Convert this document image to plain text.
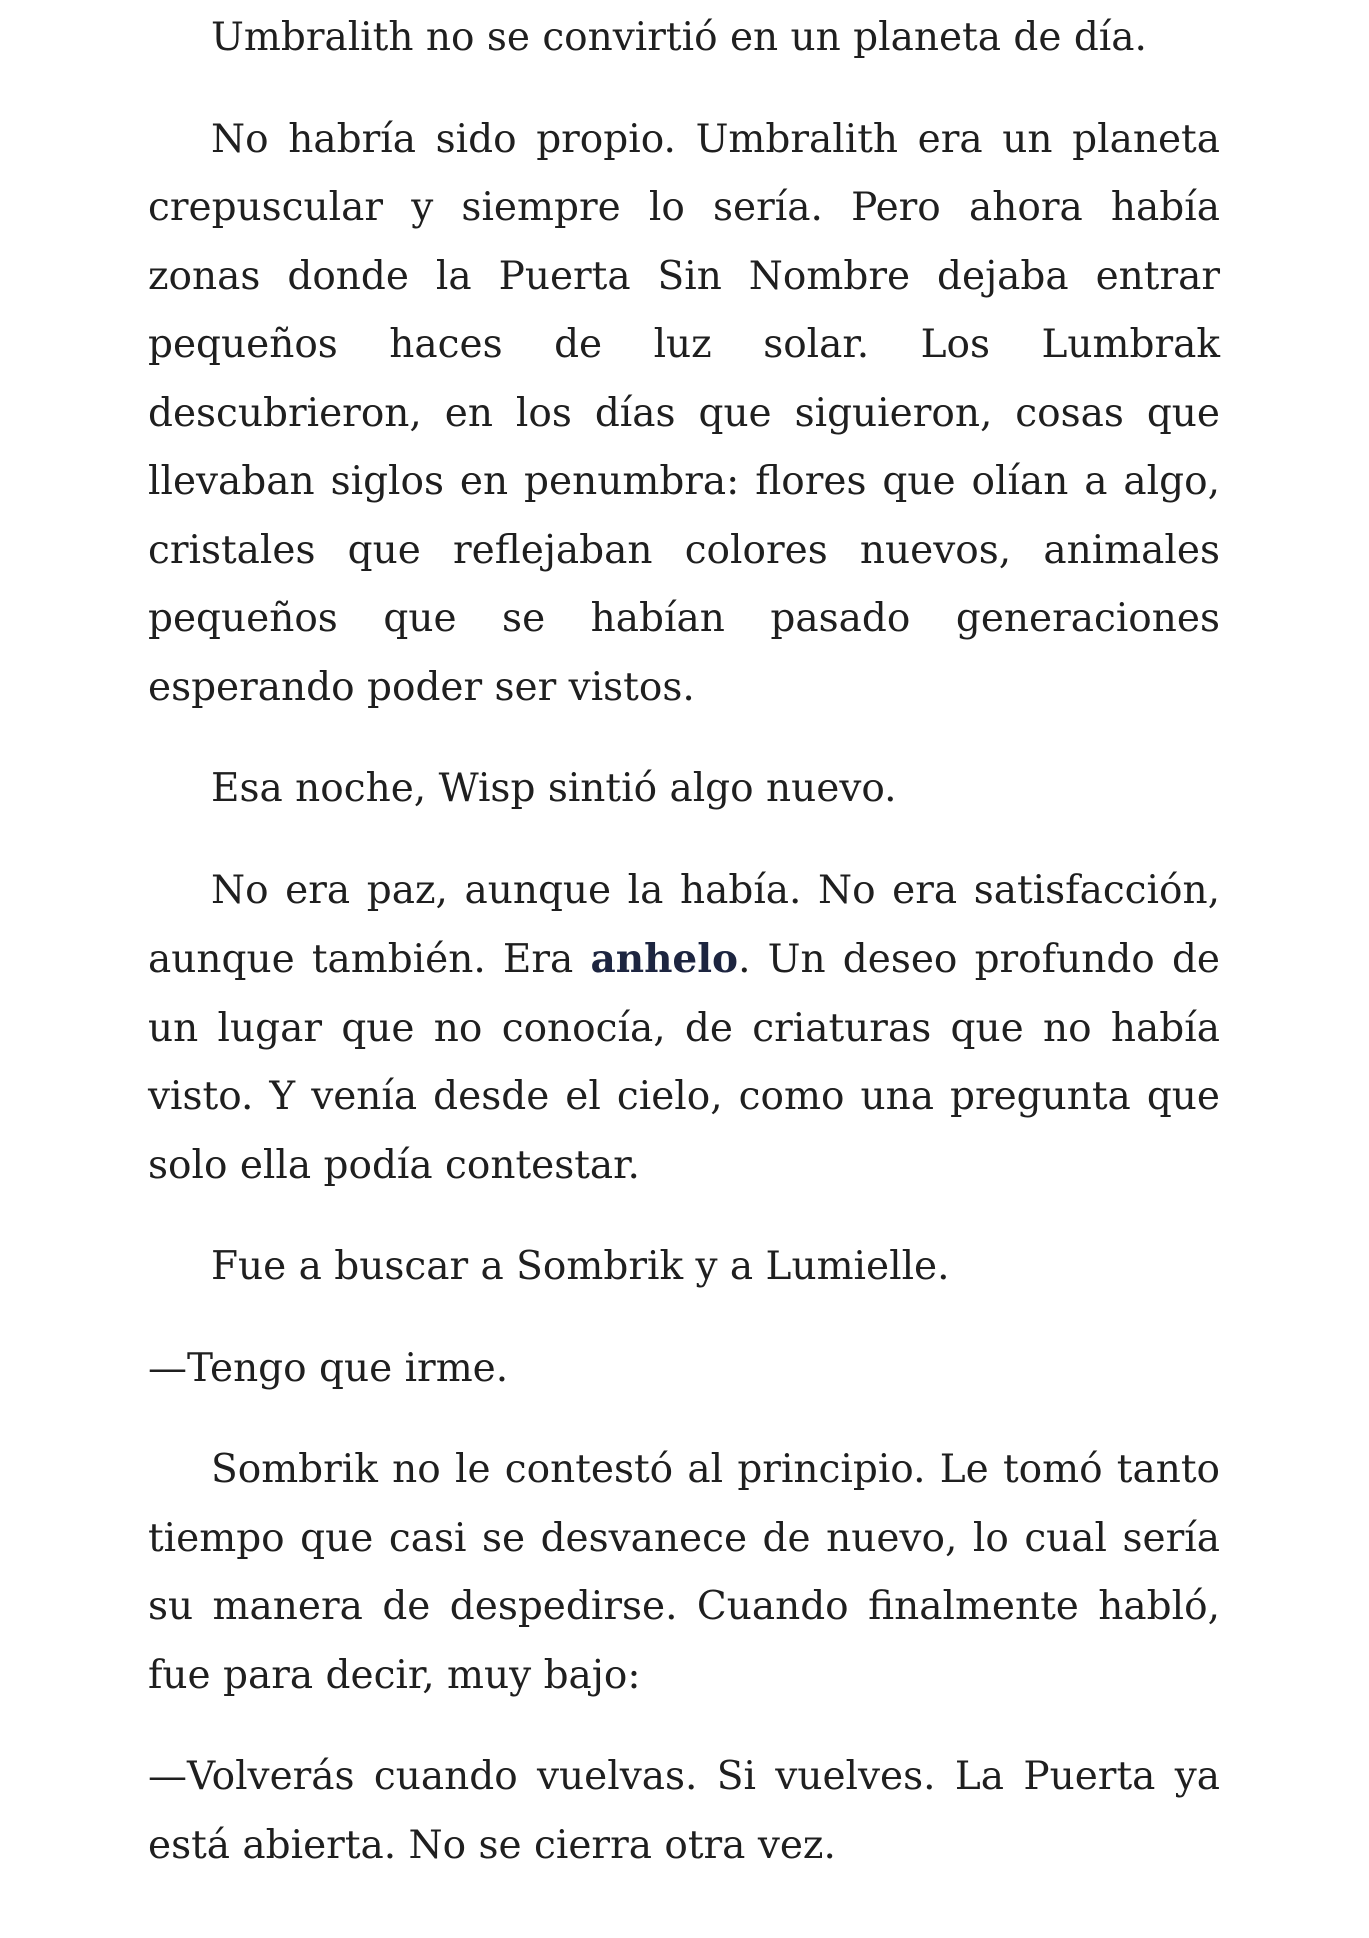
Umbralith no se convirtió en un planeta de día.

No habría sido propio. Umbralith era un planeta crepuscular y siempre lo sería. Pero ahora había zonas donde la Puerta Sin Nombre dejaba entrar pequeños haces de luz solar. Los Lumbrak descubrieron, en los días que siguieron, cosas que llevaban siglos en penumbra: flores que olían a algo, cristales que reflejaban colores nuevos, animales pequeños que se habían pasado generaciones esperando poder ser vistos.

Esa noche, Wisp sintió algo nuevo.

No era paz, aunque la había. No era satisfacción, aunque también. Era anhelo. Un deseo profundo de un lugar que no conocía, de criaturas que no había visto. Y venía desde el cielo, como una pregunta que solo ella podía contestar.

Fue a buscar a Sombrik y a Lumielle.

—Tengo que irme.

Sombrik no le contestó al principio. Le tomó tanto tiempo que casi se desvanece de nuevo, lo cual sería su manera de despedirse. Cuando finalmente habló, fue para decir, muy bajo:

—Volverás cuando vuelvas. Si vuelves. La Puerta ya está abierta. No se cierra otra vez.
